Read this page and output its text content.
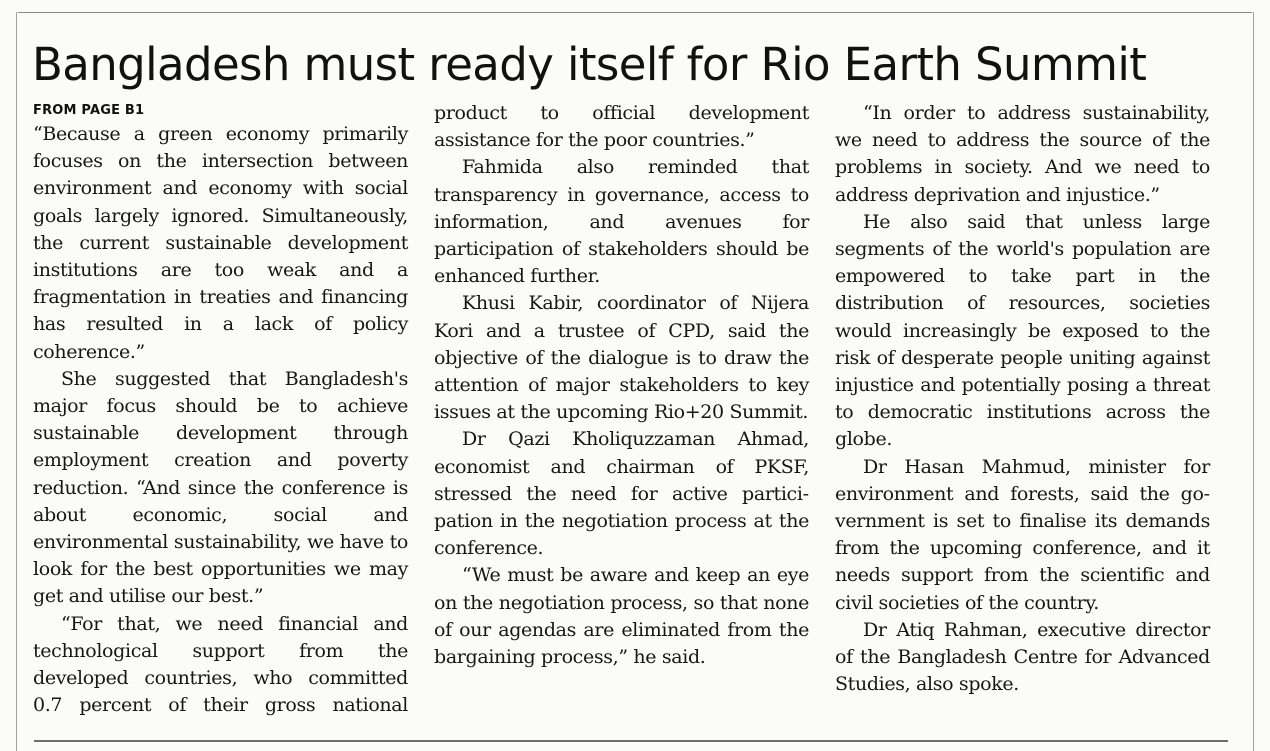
Bangladesh must ready itself for Rio Earth Summit
FROM PAGE B1

“Because a green economy primarily focuses on the intersection between environment and economy with social goals largely ignored. Simultaneously, the current sustainable development institutions are too weak and a fragmentation in treaties and financing has resulted in a lack of policy coherence.”

She suggested that Bangladesh's major focus should be to achieve sustainable development through employment creation and poverty reduction. “And since the conference is about economic, social and environmental sustainability, we have to look for the best opportunities we may get and utilise our best.”

“For that, we need financial and technological support from the developed countries, who committed 0.7 percent of their gross national

product to official development assistance for the poor countries.”

Fahmida also reminded that transparency in governance, access to information, and avenues for participation of stakeholders should be enhanced further.

Khusi Kabir, coordinator of Nijera Kori and a trustee of CPD, said the objective of the dialogue is to draw the attention of major stakeholders to key issues at the upcoming Rio+20 Summit.

Dr Qazi Kholiquzzaman Ahmad, economist and chairman of PKSF, stressed the need for active participation in the negotiation process at the conference.

“We must be aware and keep an eye on the negotiation process, so that none of our agendas are eliminated from the bargaining process,” he said.

“In order to address sustainability, we need to address the source of the problems in society. And we need to address deprivation and injustice.”

He also said that unless large segments of the world's population are empowered to take part in the distribution of resources, societies would increasingly be exposed to the risk of desperate people uniting against injustice and potentially posing a threat to democratic institutions across the globe.

Dr Hasan Mahmud, minister for environment and forests, said the government is set to finalise its demands from the upcoming conference, and it needs support from the scientific and civil societies of the country.

Dr Atiq Rahman, executive director of the Bangladesh Centre for Advanced Studies, also spoke.
